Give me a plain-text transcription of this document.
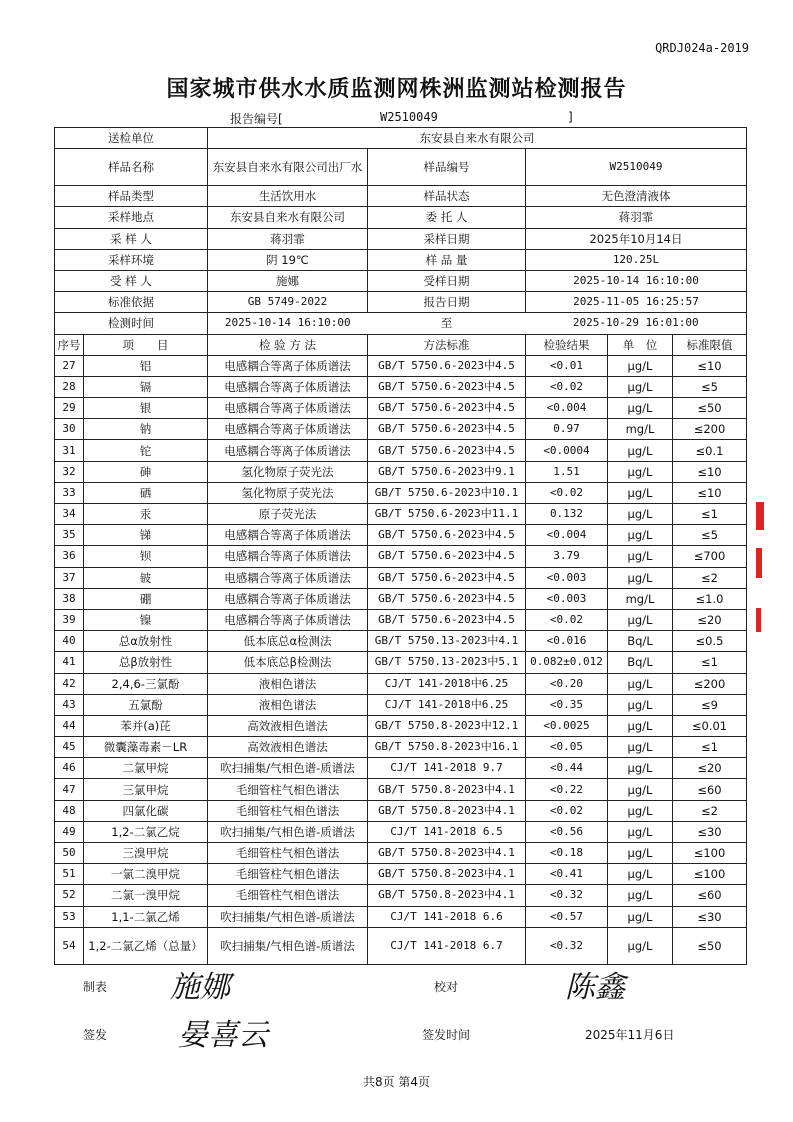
QRDJ024a-2019
国家城市供水水质监测网株洲监测站检测报告
报告编号[	W2510049	]
送检单位		东安县自来水有限公司				
样品名称		东安县自来水有限公司出厂水	样品编号	W2510049		
样品类型		生活饮用水	样品状态	无色澄清液体		
采样地点		东安县自来水有限公司	委 托 人	蒋羽霏		
采 样 人		蒋羽霏	采样日期	2025年10月14日		
采样环境		阴 19℃	样 品 量	120.25L		
受 样 人		施娜	受样日期	2025-10-14 16:10:00		
标准依据		GB 5749-2022	报告日期	2025-11-05 16:25:57		
检测时间		2025-10-14 16:10:00	至	2025-10-29 16:01:00		
序号	项　　目	检 验 方 法	方法标准	检验结果	单　位	标准限值
27	铝	电感耦合等离子体质谱法	GB/T 5750.6-2023中4.5	<0.01	μg/L	≤10
28	镉	电感耦合等离子体质谱法	GB/T 5750.6-2023中4.5	<0.02	μg/L	≤5
29	银	电感耦合等离子体质谱法	GB/T 5750.6-2023中4.5	<0.004	μg/L	≤50
30	钠	电感耦合等离子体质谱法	GB/T 5750.6-2023中4.5	0.97	mg/L	≤200
31	铊	电感耦合等离子体质谱法	GB/T 5750.6-2023中4.5	<0.0004	μg/L	≤0.1
32	砷	氢化物原子荧光法	GB/T 5750.6-2023中9.1	1.51	μg/L	≤10
33	硒	氢化物原子荧光法	GB/T 5750.6-2023中10.1	<0.02	μg/L	≤10
34	汞	原子荧光法	GB/T 5750.6-2023中11.1	0.132	μg/L	≤1
35	锑	电感耦合等离子体质谱法	GB/T 5750.6-2023中4.5	<0.004	μg/L	≤5
36	钡	电感耦合等离子体质谱法	GB/T 5750.6-2023中4.5	3.79	μg/L	≤700
37	铍	电感耦合等离子体质谱法	GB/T 5750.6-2023中4.5	<0.003	μg/L	≤2
38	硼	电感耦合等离子体质谱法	GB/T 5750.6-2023中4.5	<0.003	mg/L	≤1.0
39	镍	电感耦合等离子体质谱法	GB/T 5750.6-2023中4.5	<0.02	μg/L	≤20
40	总α放射性	低本底总α检测法	GB/T 5750.13-2023中4.1	<0.016	Bq/L	≤0.5
41	总β放射性	低本底总β检测法	GB/T 5750.13-2023中5.1	0.082±0.012	Bq/L	≤1
42	2,4,6-三氯酚	液相色谱法	CJ/T 141-2018中6.25	<0.20	μg/L	≤200
43	五氯酚	液相色谱法	CJ/T 141-2018中6.25	<0.35	μg/L	≤9
44	苯并(a)芘	高效液相色谱法	GB/T 5750.8-2023中12.1	<0.0025	μg/L	≤0.01
45	微囊藻毒素－LR	高效液相色谱法	GB/T 5750.8-2023中16.1	<0.05	μg/L	≤1
46	二氯甲烷	吹扫捕集/气相色谱-质谱法	CJ/T 141-2018 9.7	<0.44	μg/L	≤20
47	三氯甲烷	毛细管柱气相色谱法	GB/T 5750.8-2023中4.1	<0.22	μg/L	≤60
48	四氯化碳	毛细管柱气相色谱法	GB/T 5750.8-2023中4.1	<0.02	μg/L	≤2
49	1,2-二氯乙烷	吹扫捕集/气相色谱-质谱法	CJ/T 141-2018 6.5	<0.56	μg/L	≤30
50	三溴甲烷	毛细管柱气相色谱法	GB/T 5750.8-2023中4.1	<0.18	μg/L	≤100
51	一氯二溴甲烷	毛细管柱气相色谱法	GB/T 5750.8-2023中4.1	<0.41	μg/L	≤100
52	二氯一溴甲烷	毛细管柱气相色谱法	GB/T 5750.8-2023中4.1	<0.32	μg/L	≤60
53	1,1-二氯乙烯	吹扫捕集/气相色谱-质谱法	CJ/T 141-2018 6.6	<0.57	μg/L	≤30
54	1,2-二氯乙烯（总量）	吹扫捕集/气相色谱-质谱法	CJ/T 141-2018 6.7	<0.32	μg/L	≤50
制表 施娜	校对	陈鑫
签发 晏喜云	签发时间	2025年11月6日
共8页 第4页
